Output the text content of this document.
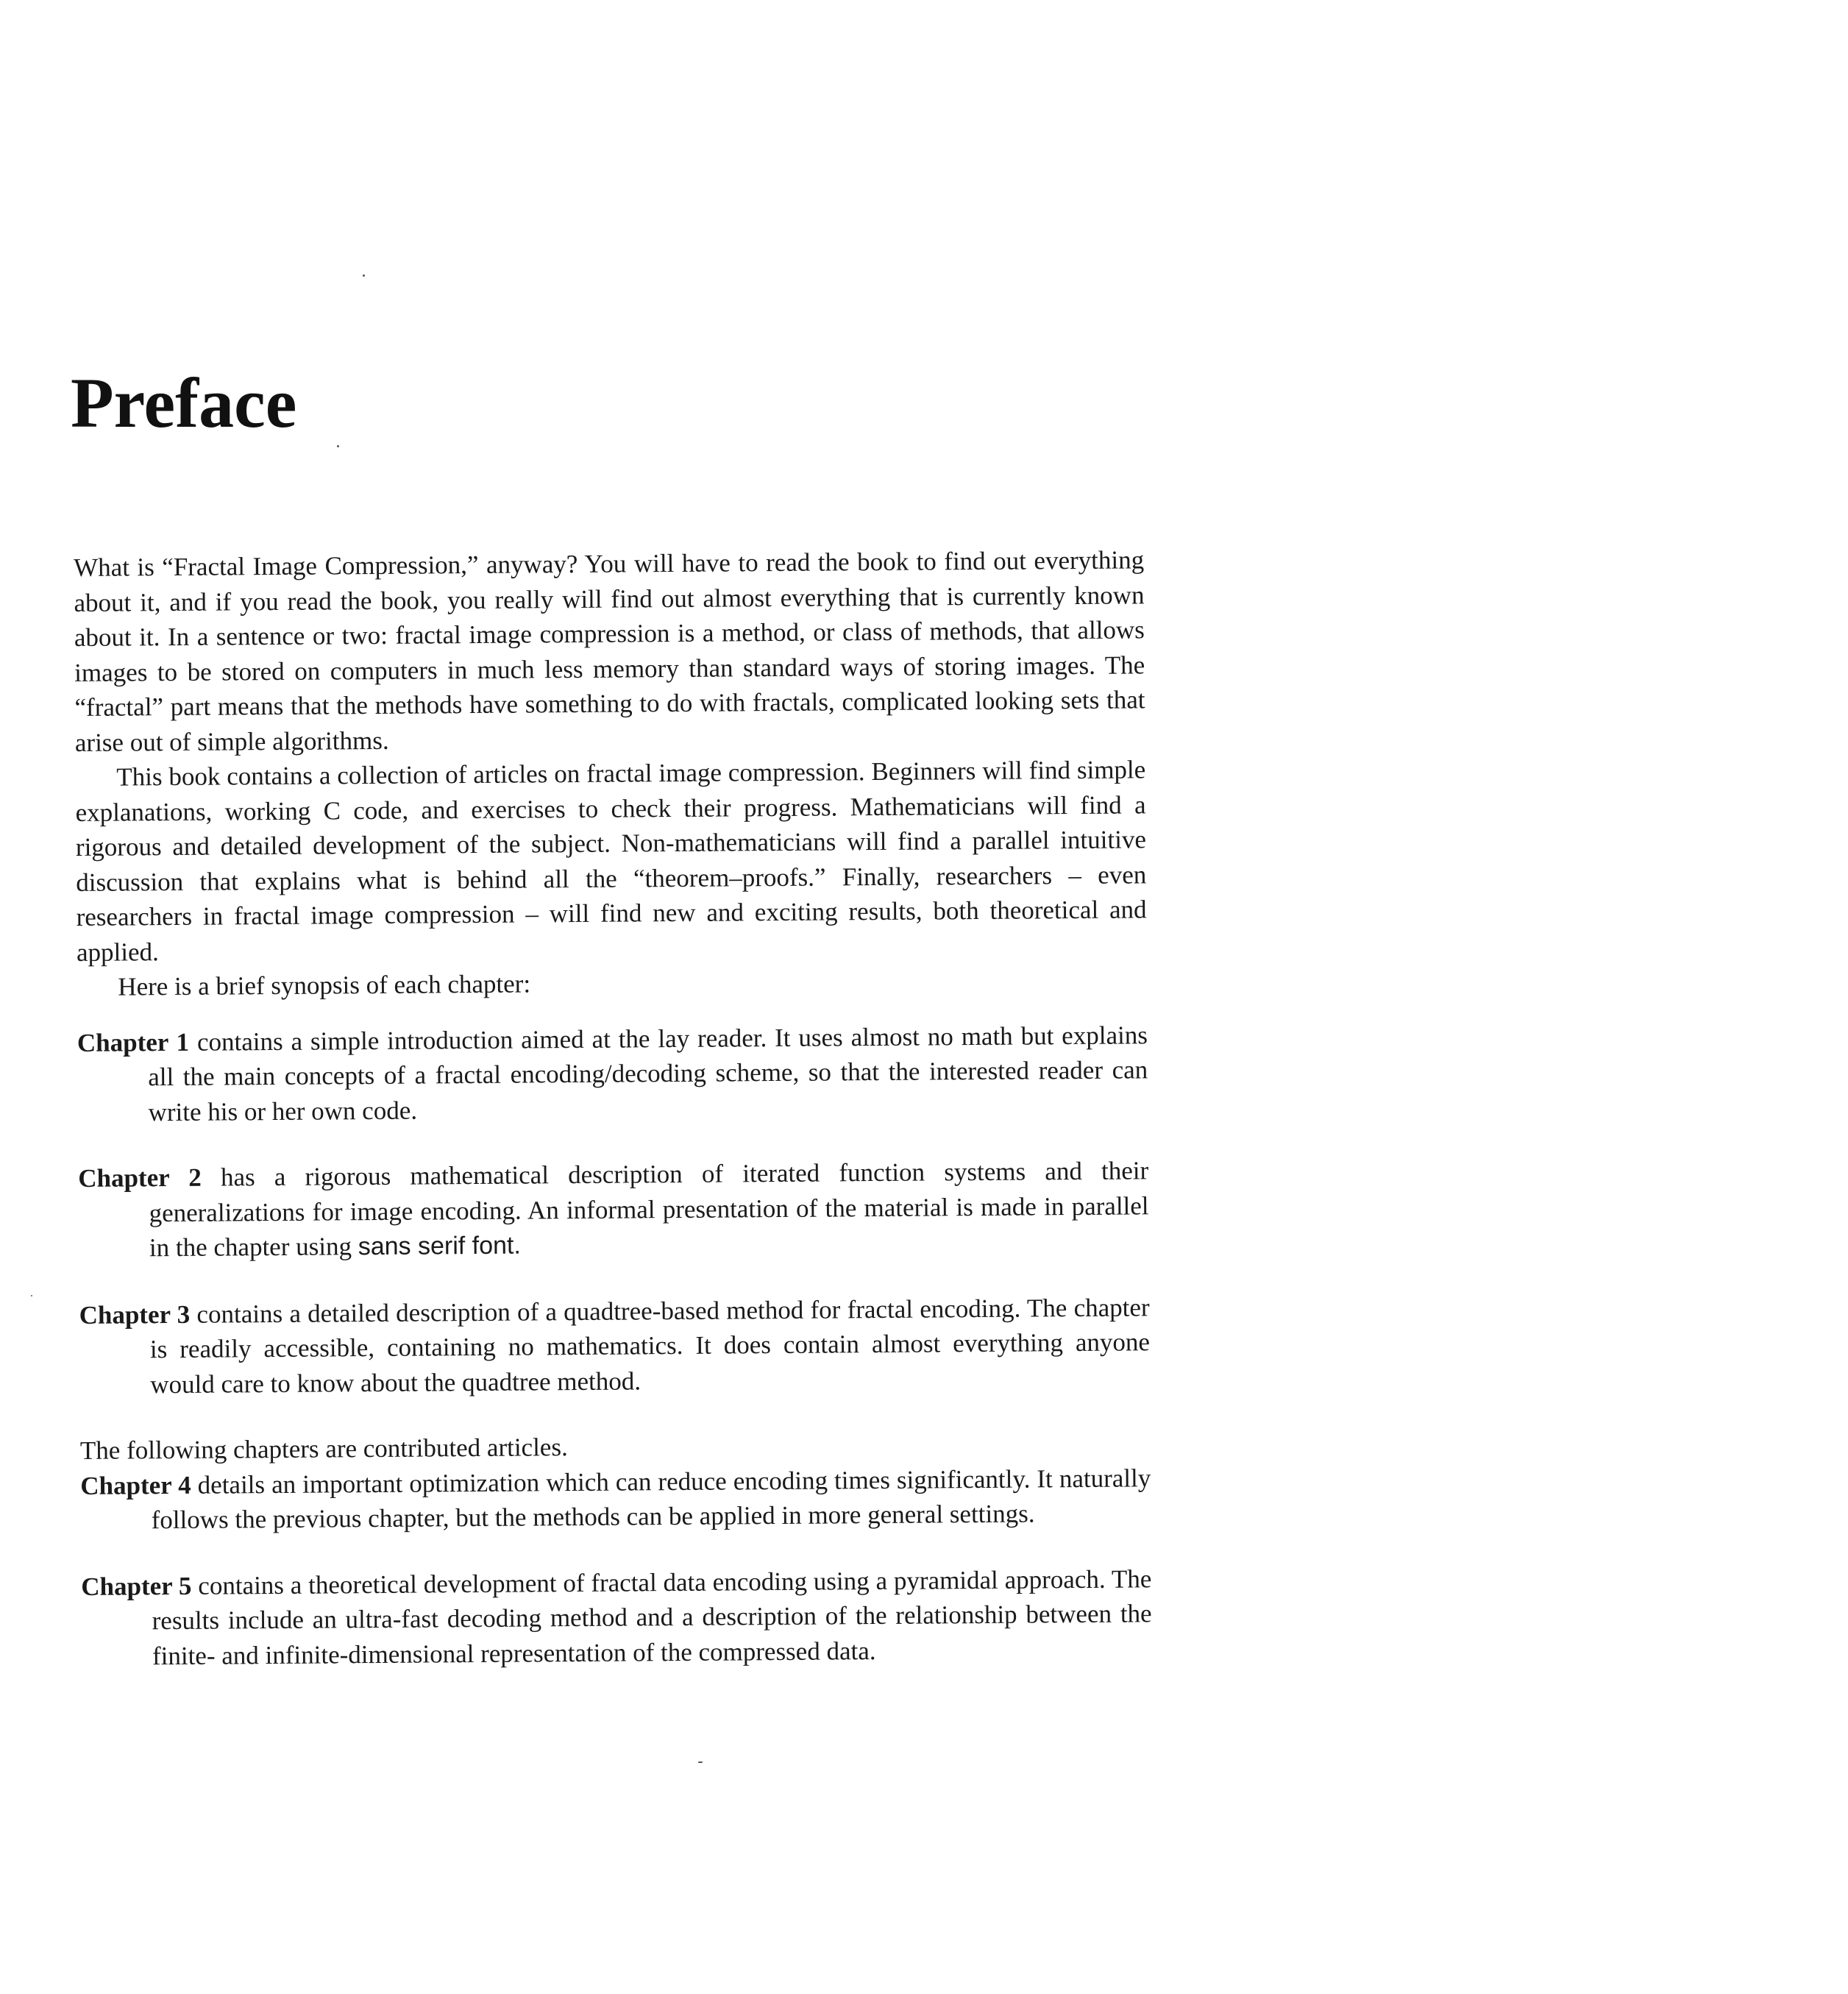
Preface

What is “Fractal Image Compression,” anyway? You will have to read the book to find out everything about it, and if you read the book, you really will find out almost everything that is currently known about it. In a sentence or two: fractal image compression is a method, or class of methods, that allows images to be stored on computers in much less memory than standard ways of storing images. The “fractal” part means that the methods have something to do with fractals, complicated looking sets that arise out of simple algorithms.

This book contains a collection of articles on fractal image compression. Beginners will find simple explanations, working C code, and exercises to check their progress. Mathematicians will find a rigorous and detailed development of the subject. Non-mathematicians will find a parallel intuitive discussion that explains what is behind all the “theorem–proofs.” Finally, researchers – even researchers in fractal image compression – will find new and exciting results, both theoretical and applied.

Here is a brief synopsis of each chapter:

Chapter 1 contains a simple introduction aimed at the lay reader. It uses almost no math but explains all the main concepts of a fractal encoding/decoding scheme, so that the interested reader can write his or her own code.
Chapter 2 has a rigorous mathematical description of iterated function systems and their generalizations for image encoding. An informal presentation of the material is made in parallel in the chapter using sans serif font.
Chapter 3 contains a detailed description of a quadtree-based method for fractal encoding. The chapter is readily accessible, containing no mathematics. It does contain almost everything anyone would care to know about the quadtree method.

The following chapters are contributed articles.

Chapter 4 details an important optimization which can reduce encoding times significantly. It naturally follows the previous chapter, but the methods can be applied in more general settings.
Chapter 5 contains a theoretical development of fractal data encoding using a pyramidal approach. The results include an ultra-fast decoding method and a description of the relationship between the finite- and infinite-dimensional representation of the compressed data.
